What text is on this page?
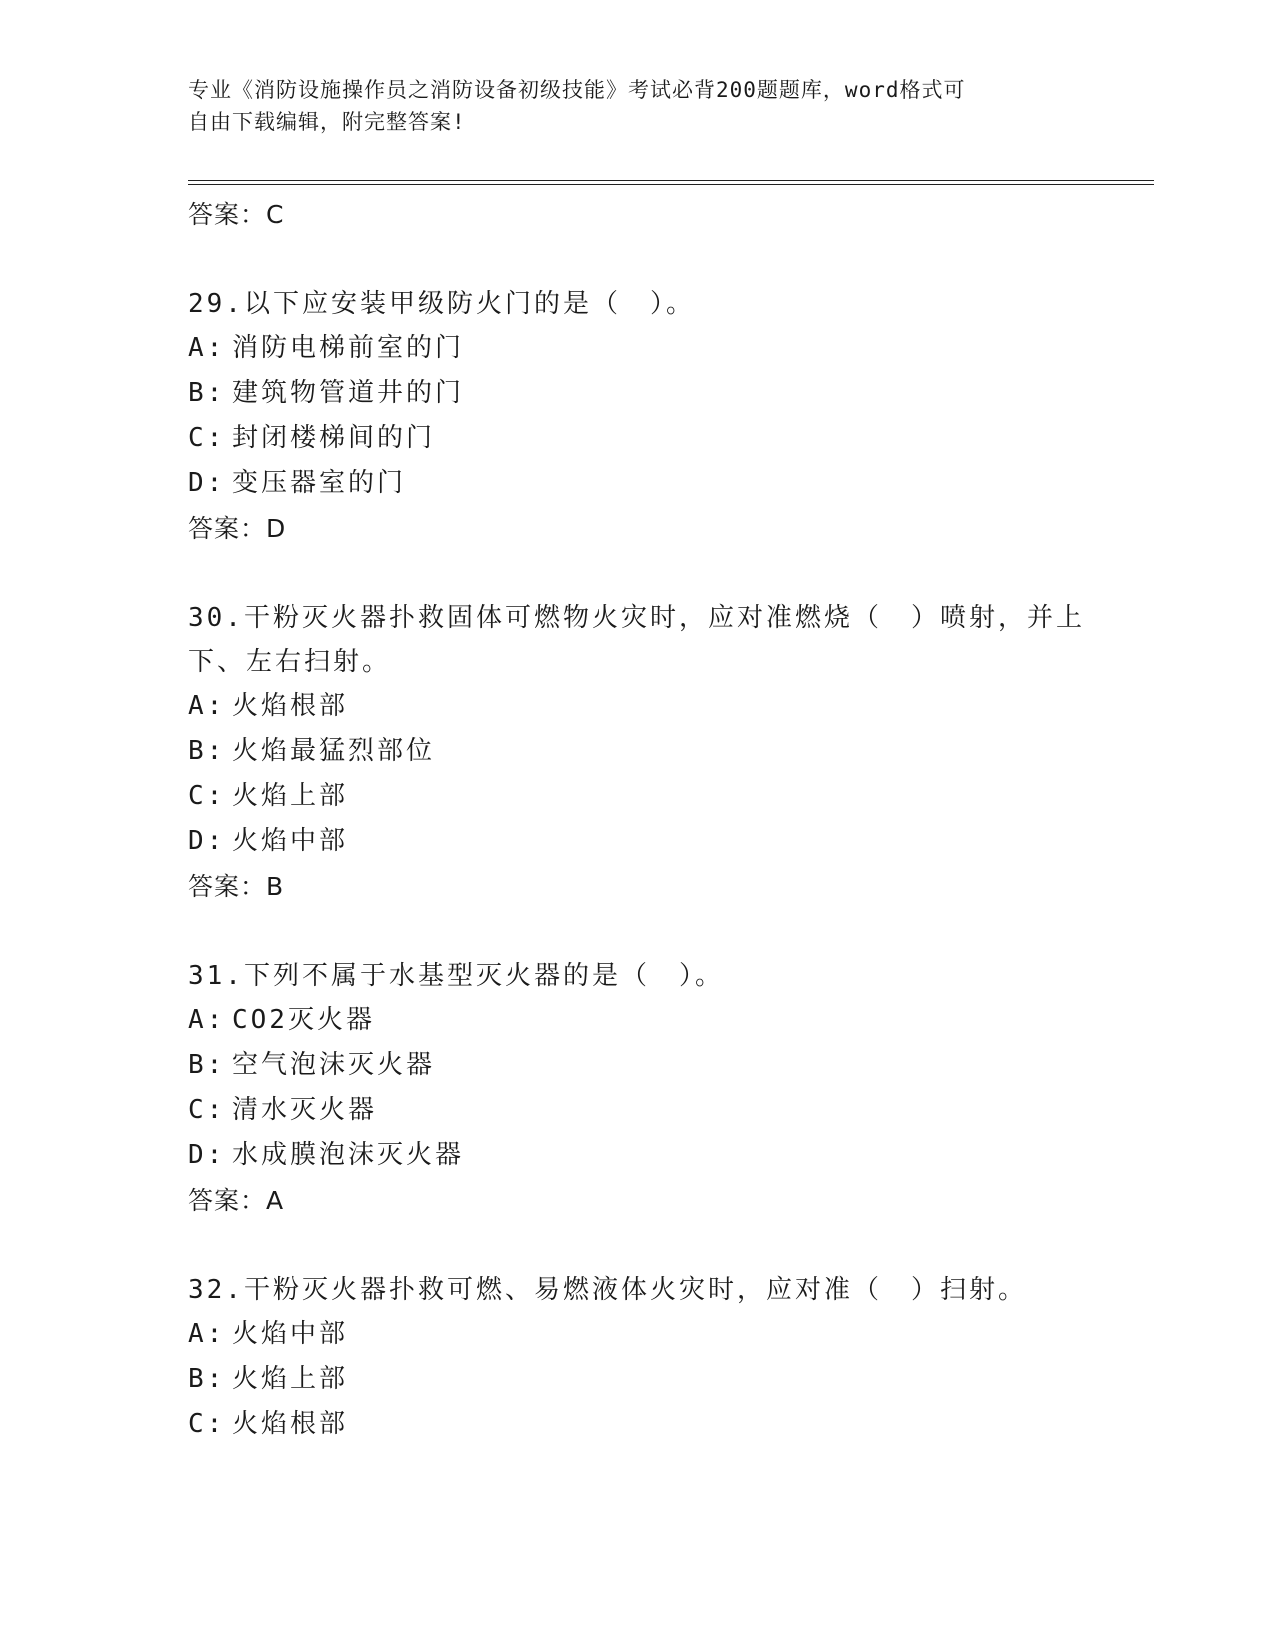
专业《消防设施操作员之消防设备初级技能》考试必背200题题库，word格式可
自由下载编辑，附完整答案!
答案：C
29.以下应安装甲级防火门的是（　）。
A: 消防电梯前室的门
B: 建筑物管道井的门
C: 封闭楼梯间的门
D: 变压器室的门
答案：D
30.干粉灭火器扑救固体可燃物火灾时，应对准燃烧（　）喷射，并上下、左右扫射。
A: 火焰根部
B: 火焰最猛烈部位
C: 火焰上部
D: 火焰中部
答案：B
31.下列不属于水基型灭火器的是（　）。
A: CO2灭火器
B: 空气泡沫灭火器
C: 清水灭火器
D: 水成膜泡沫灭火器
答案：A
32.干粉灭火器扑救可燃、易燃液体火灾时，应对准（　）扫射。
A: 火焰中部
B: 火焰上部
C: 火焰根部
